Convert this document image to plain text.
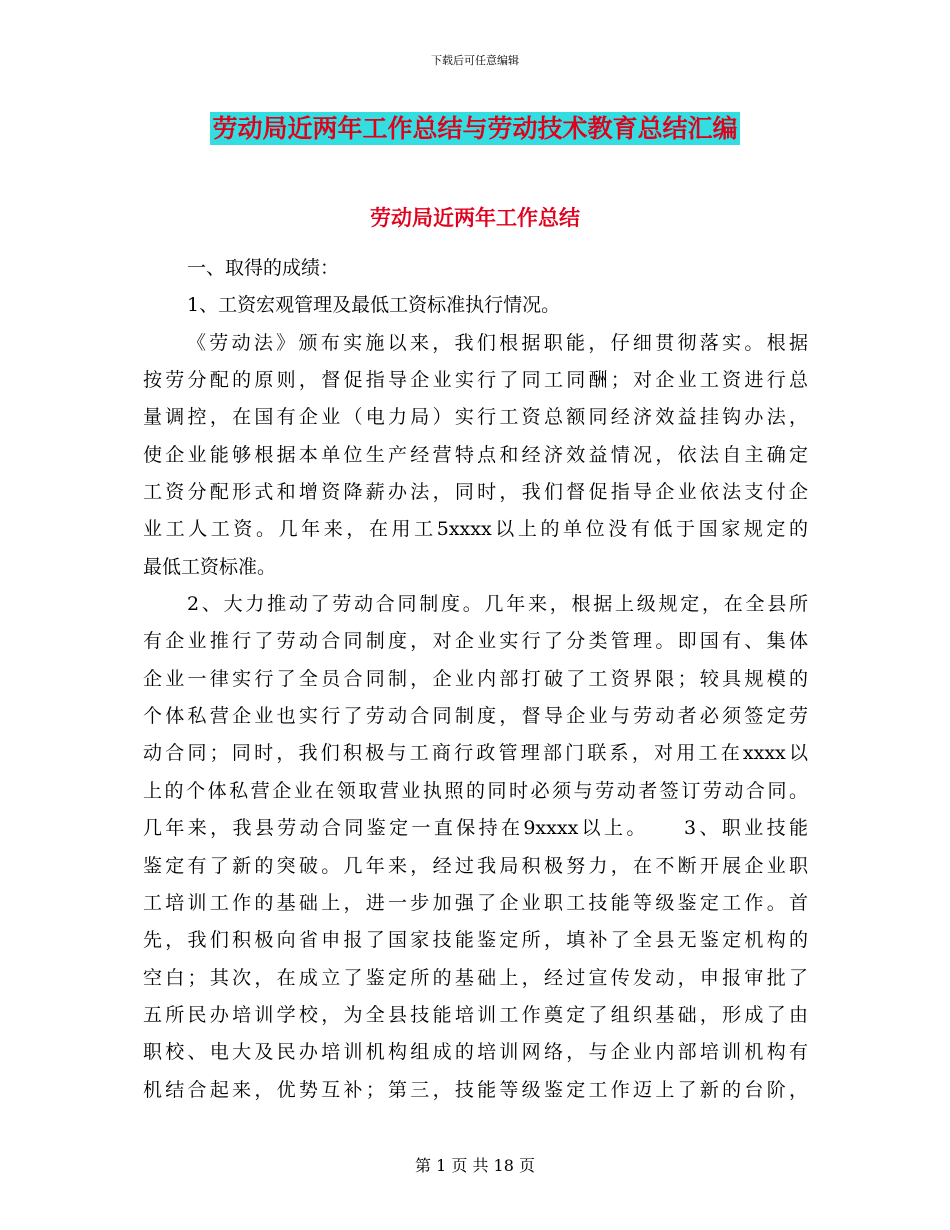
下载后可任意编辑
劳动局近两年工作总结与劳动技术教育总结汇编
劳动局近两年工作总结
一、取得的成绩：
1、工资宏观管理及最低工资标准执行情况。
《劳动法》颁布实施以来，我们根据职能，仔细贯彻落实。根据
按劳分配的原则，督促指导企业实行了同工同酬；对企业工资进行总
量调控，在国有企业（电力局）实行工资总额同经济效益挂钩办法，
使企业能够根据本单位生产经营特点和经济效益情况，依法自主确定
工资分配形式和增资降薪办法，同时，我们督促指导企业依法支付企
业工人工资。几年来，在用工5xxxx以上的单位没有低于国家规定的
最低工资标准。
2、大力推动了劳动合同制度。几年来，根据上级规定，在全县所
有企业推行了劳动合同制度，对企业实行了分类管理。即国有、集体
企业一律实行了全员合同制，企业内部打破了工资界限；较具规模的
个体私营企业也实行了劳动合同制度，督导企业与劳动者必须签定劳
动合同；同时，我们积极与工商行政管理部门联系，对用工在xxxx以
上的个体私营企业在领取营业执照的同时必须与劳动者签订劳动合同。
几年来，我县劳动合同鉴定一直保持在9xxxx以上。　　3、职业技能
鉴定有了新的突破。几年来，经过我局积极努力，在不断开展企业职
工培训工作的基础上，进一步加强了企业职工技能等级鉴定工作。首
先，我们积极向省申报了国家技能鉴定所，填补了全县无鉴定机构的
空白；其次，在成立了鉴定所的基础上，经过宣传发动，申报审批了
五所民办培训学校，为全县技能培训工作奠定了组织基础，形成了由
职校、电大及民办培训机构组成的培训网络，与企业内部培训机构有
机结合起来，优势互补；第三，技能等级鉴定工作迈上了新的台阶，
第 1 页 共 18 页
